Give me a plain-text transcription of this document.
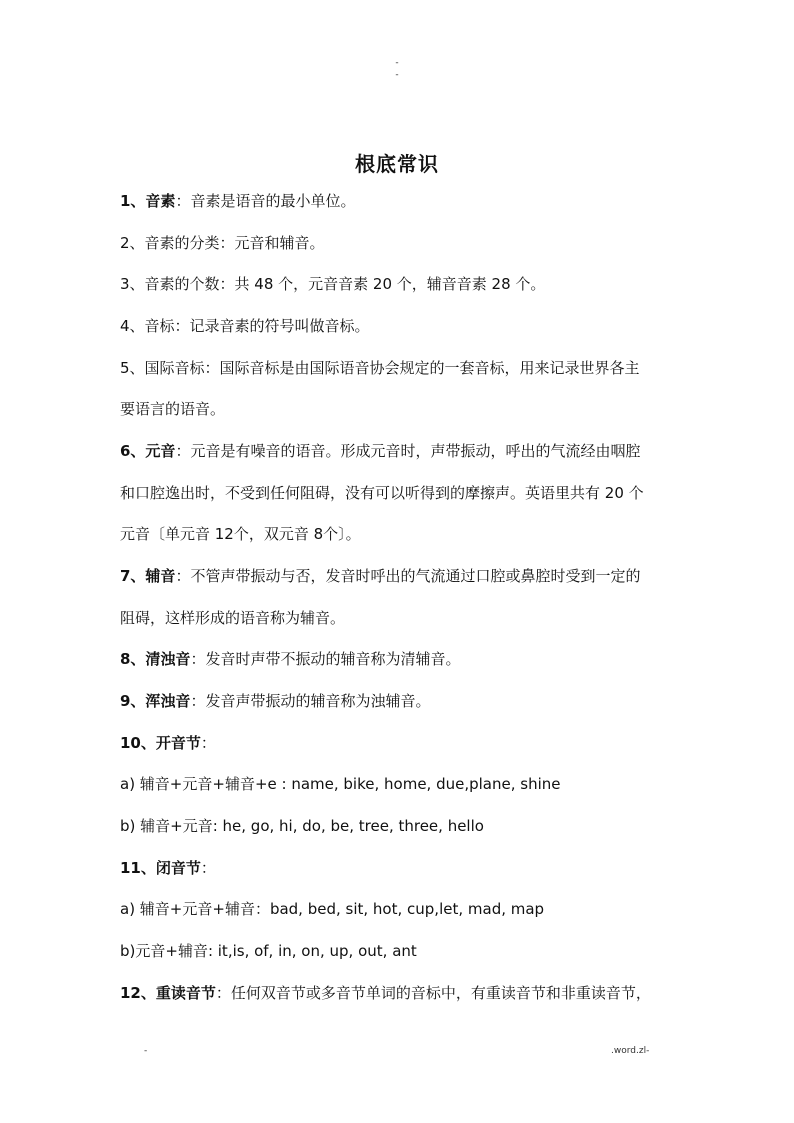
-
-
根底常识
1、音素：音素是语音的最小单位。
2、音素的分类：元音和辅音。
3、音素的个数：共 48 个，元音音素 20 个，辅音音素 28 个。
4、音标：记录音素的符号叫做音标。
5、国际音标：国际音标是由国际语音协会规定的一套音标，用来记录世界各主
要语言的语音。
6、元音：元音是有噪音的语音。形成元音时，声带振动，呼出的气流经由咽腔
和口腔逸出时，不受到任何阻碍，没有可以听得到的摩擦声。英语里共有 20 个
元音〔单元音 12个，双元音 8个〕。
7、辅音：不管声带振动与否，发音时呼出的气流通过口腔或鼻腔时受到一定的
阻碍，这样形成的语音称为辅音。
8、清浊音：发音时声带不振动的辅音称为清辅音。
9、浑浊音：发音声带振动的辅音称为浊辅音。
10、开音节：
a) 辅音+元音+辅音+e : name, bike, home, due,plane, shine
b) 辅音+元音: he, go, hi, do, be, tree, three, hello
11、闭音节：
a) 辅音+元音+辅音：bad, bed, sit, hot, cup,let, mad, map
b)元音+辅音: it,is, of, in, on, up, out, ant
12、重读音节：任何双音节或多音节单词的音标中，有重读音节和非重读音节，
-	.word.zl-
